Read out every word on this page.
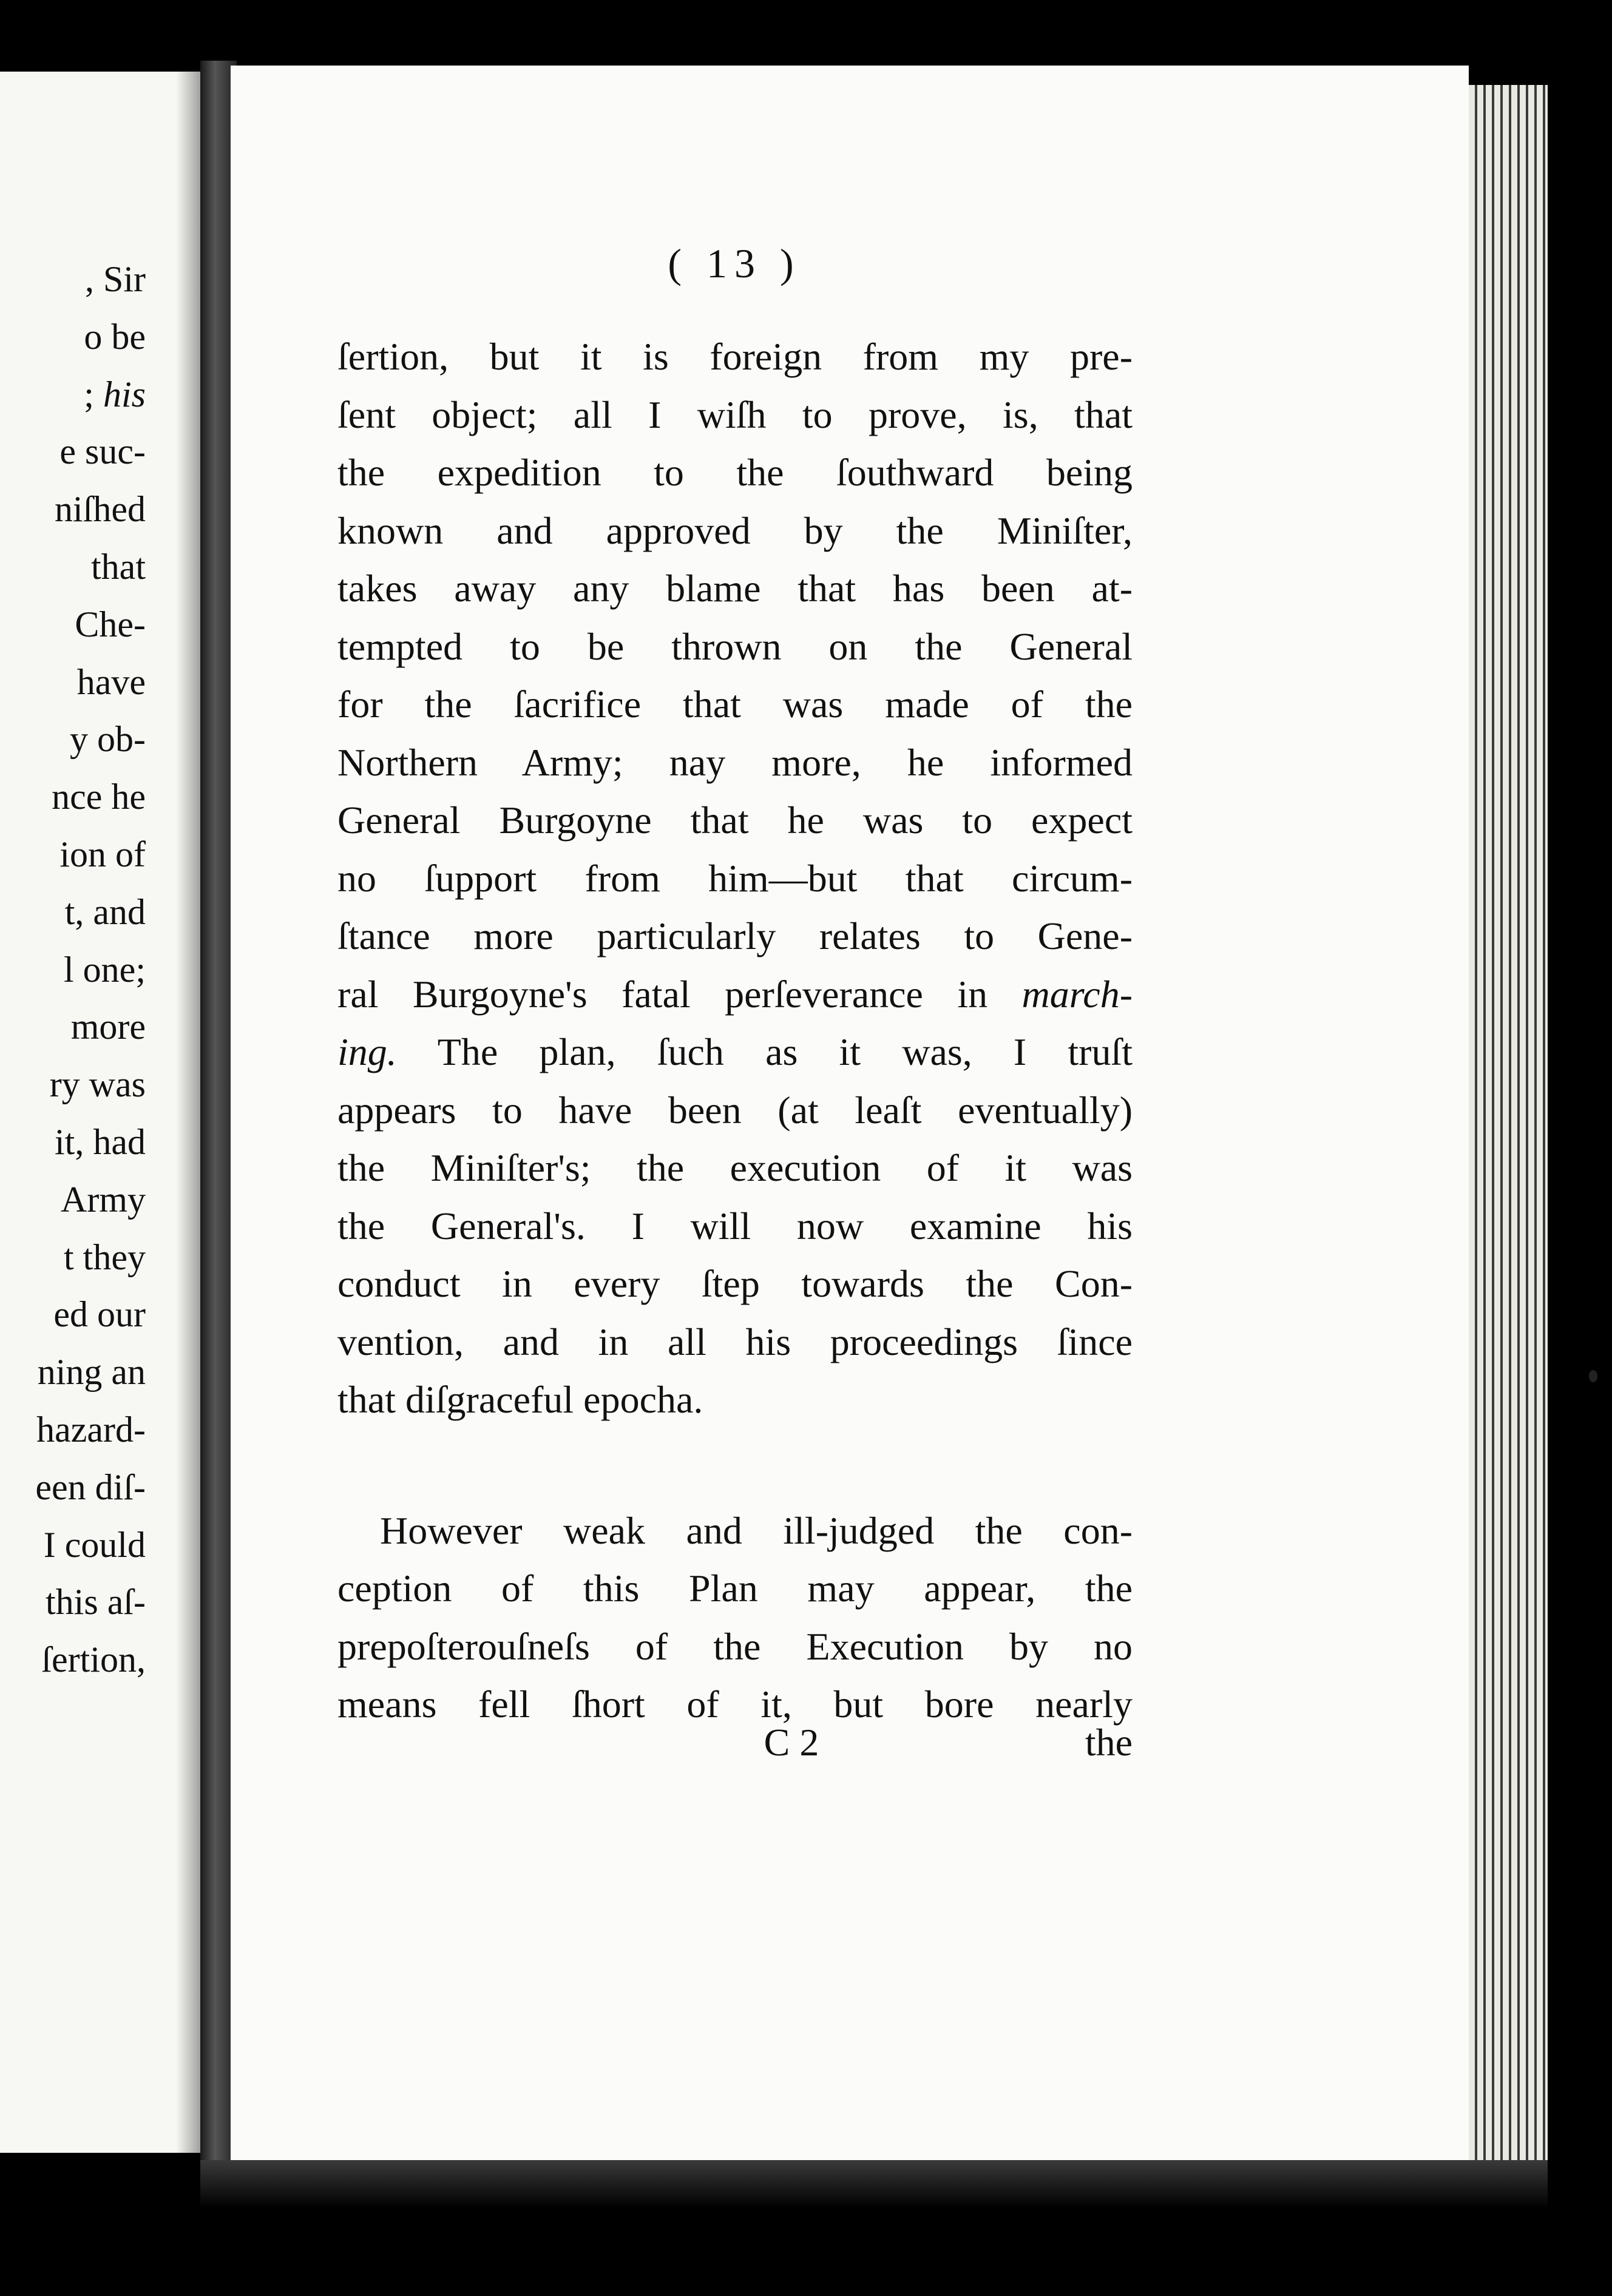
, Sir
o be
; his
e suc-
niſhed
that
Che-
have
y ob-
nce he
ion of
t, and
l one;
more
ry was
it, had
Army
t they
ed our
ning an
hazard-
een diſ-
I could
this aſ-
ſertion,
( 13 )
ſertion, but it is foreign from my pre-
ſent object; all I wiſh to prove, is, that
the expedition to the ſouthward being
known and approved by the Miniſter,
takes away any blame that has been at-
tempted to be thrown on the General
for the ſacrifice that was made of the
Northern Army; nay more, he informed
General Burgoyne that he was to expect
no ſupport from him—but that circum-
ſtance more particularly relates to Gene-
ral Burgoyne's fatal perſeverance in march-
ing. The plan, ſuch as it was, I truſt
appears to have been (at leaſt eventually)
the Miniſter's; the execution of it was
the General's. I will now examine his
conduct in every ſtep towards the Con-
vention, and in all his proceedings ſince
that diſgraceful epocha.
However weak and ill-judged the con-
ception of this Plan may appear, the
prepoſterouſneſs of the Execution by no
means fell ſhort of it, but bore nearly
C 2	the
